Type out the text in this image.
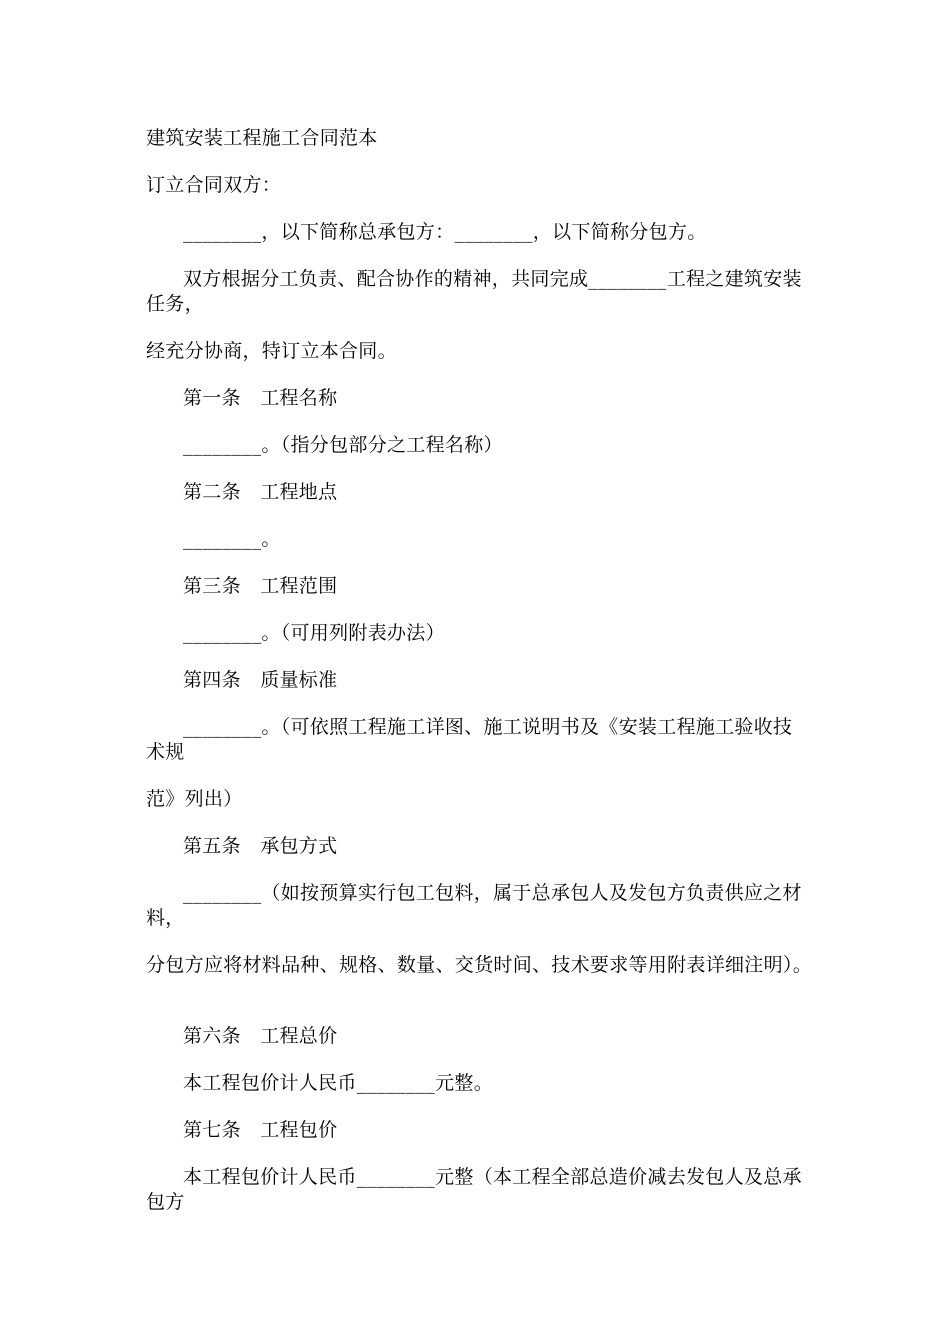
建筑安装工程施工合同范本
订立合同双方：
________，以下简称总承包方：________，以下简称分包方。
双方根据分工负责、配合协作的精神，共同完成________工程之建筑安装
任务，
经充分协商，特订立本合同。
第一条　工程名称
________。（指分包部分之工程名称）
第二条　工程地点
________。
第三条　工程范围
________。（可用列附表办法）
第四条　质量标准
________。（可依照工程施工详图、施工说明书及《安装工程施工验收技
术规
范》列出）
第五条　承包方式
________（如按预算实行包工包料，属于总承包人及发包方负责供应之材
料，
分包方应将材料品种、规格、数量、交货时间、技术要求等用附表详细注明）。
第六条　工程总价
本工程包价计人民币________元整。
第七条　工程包价
本工程包价计人民币________元整（本工程全部总造价减去发包人及总承
包方
